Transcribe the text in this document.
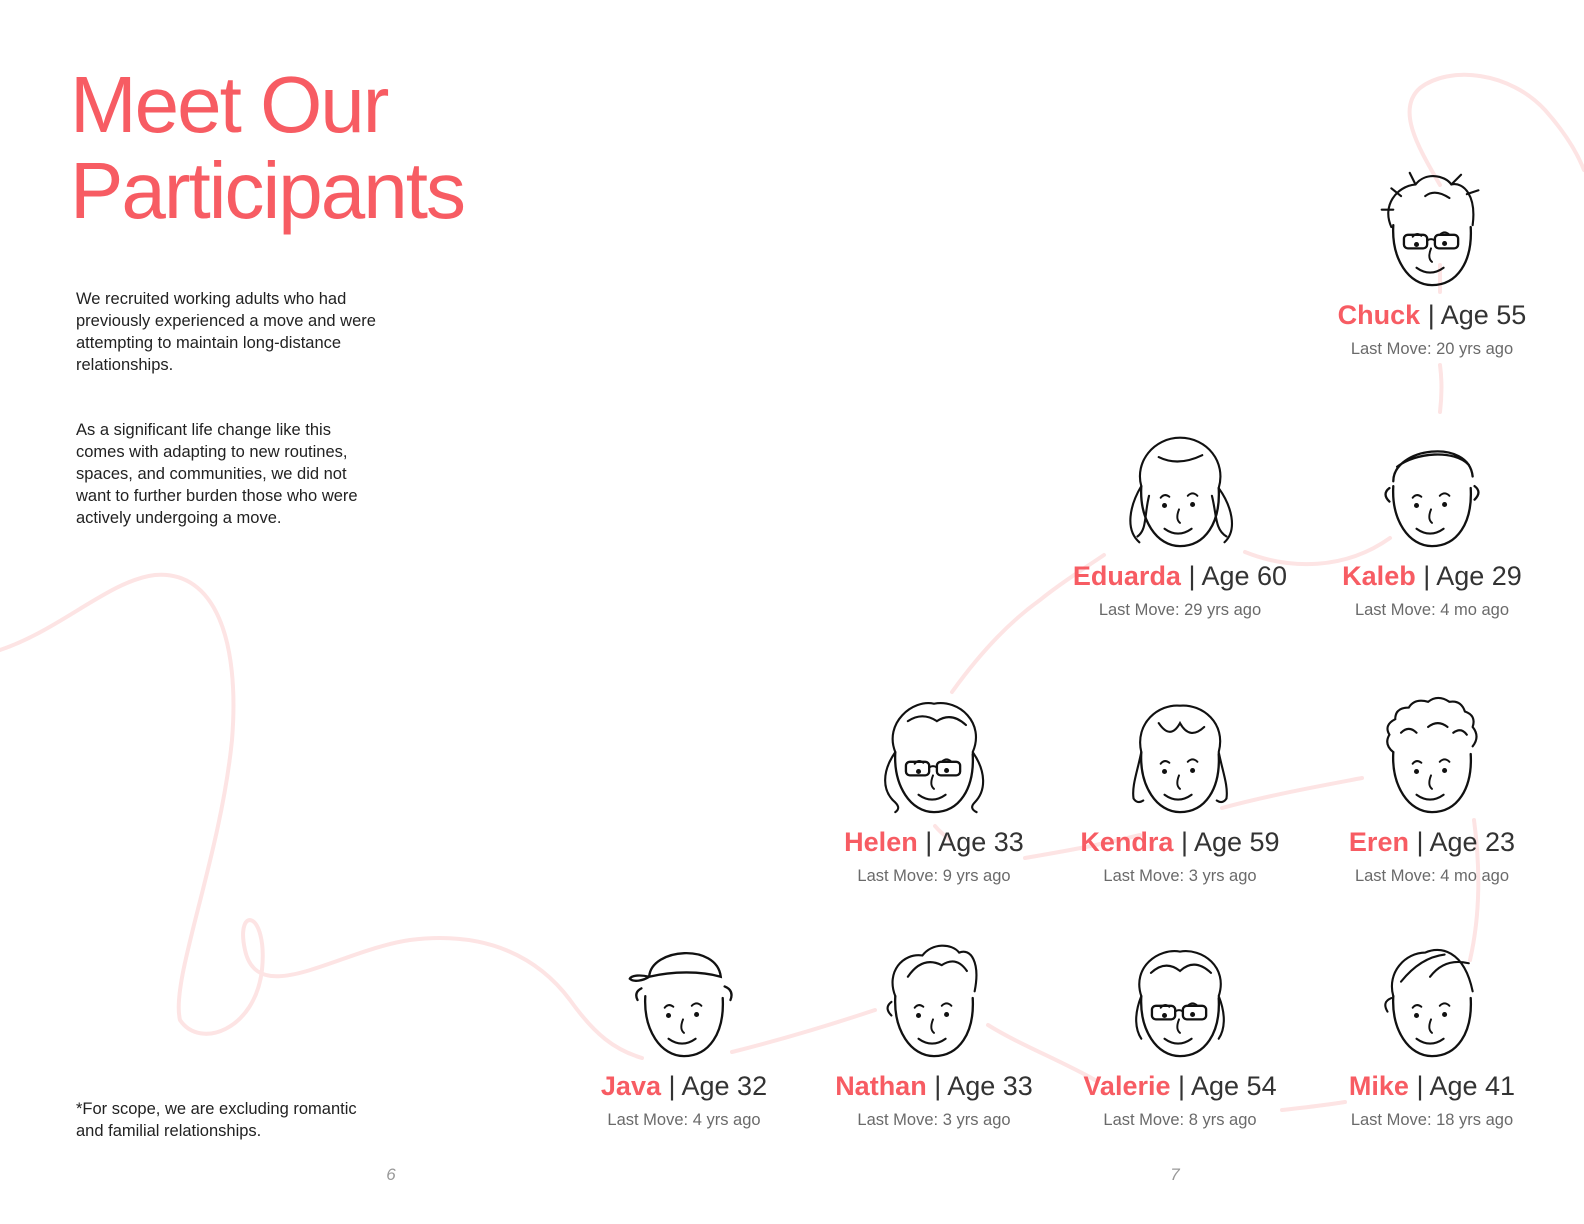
Meet Our
Participants

We recruited working adults who had previously experienced a move and were attempting to maintain long-distance relationships.

As a significant life change like this comes with adapting to new routines, spaces, and communities, we did not want to further burden those who were actively undergoing a move.

*For scope, we are excluding romantic and familial relationships.

6	7
Chuck | Age 55
Last Move: 20 yrs ago
Eduarda | Age 60
Last Move: 29 yrs ago
Kaleb | Age 29
Last Move: 4 mo ago
Helen | Age 33
Last Move: 9 yrs ago
Kendra | Age 59
Last Move: 3 yrs ago
Eren | Age 23
Last Move: 4 mo ago
Java | Age 32
Last Move: 4 yrs ago
Nathan | Age 33
Last Move: 3 yrs ago
Valerie | Age 54
Last Move: 8 yrs ago
Mike | Age 41
Last Move: 18 yrs ago
